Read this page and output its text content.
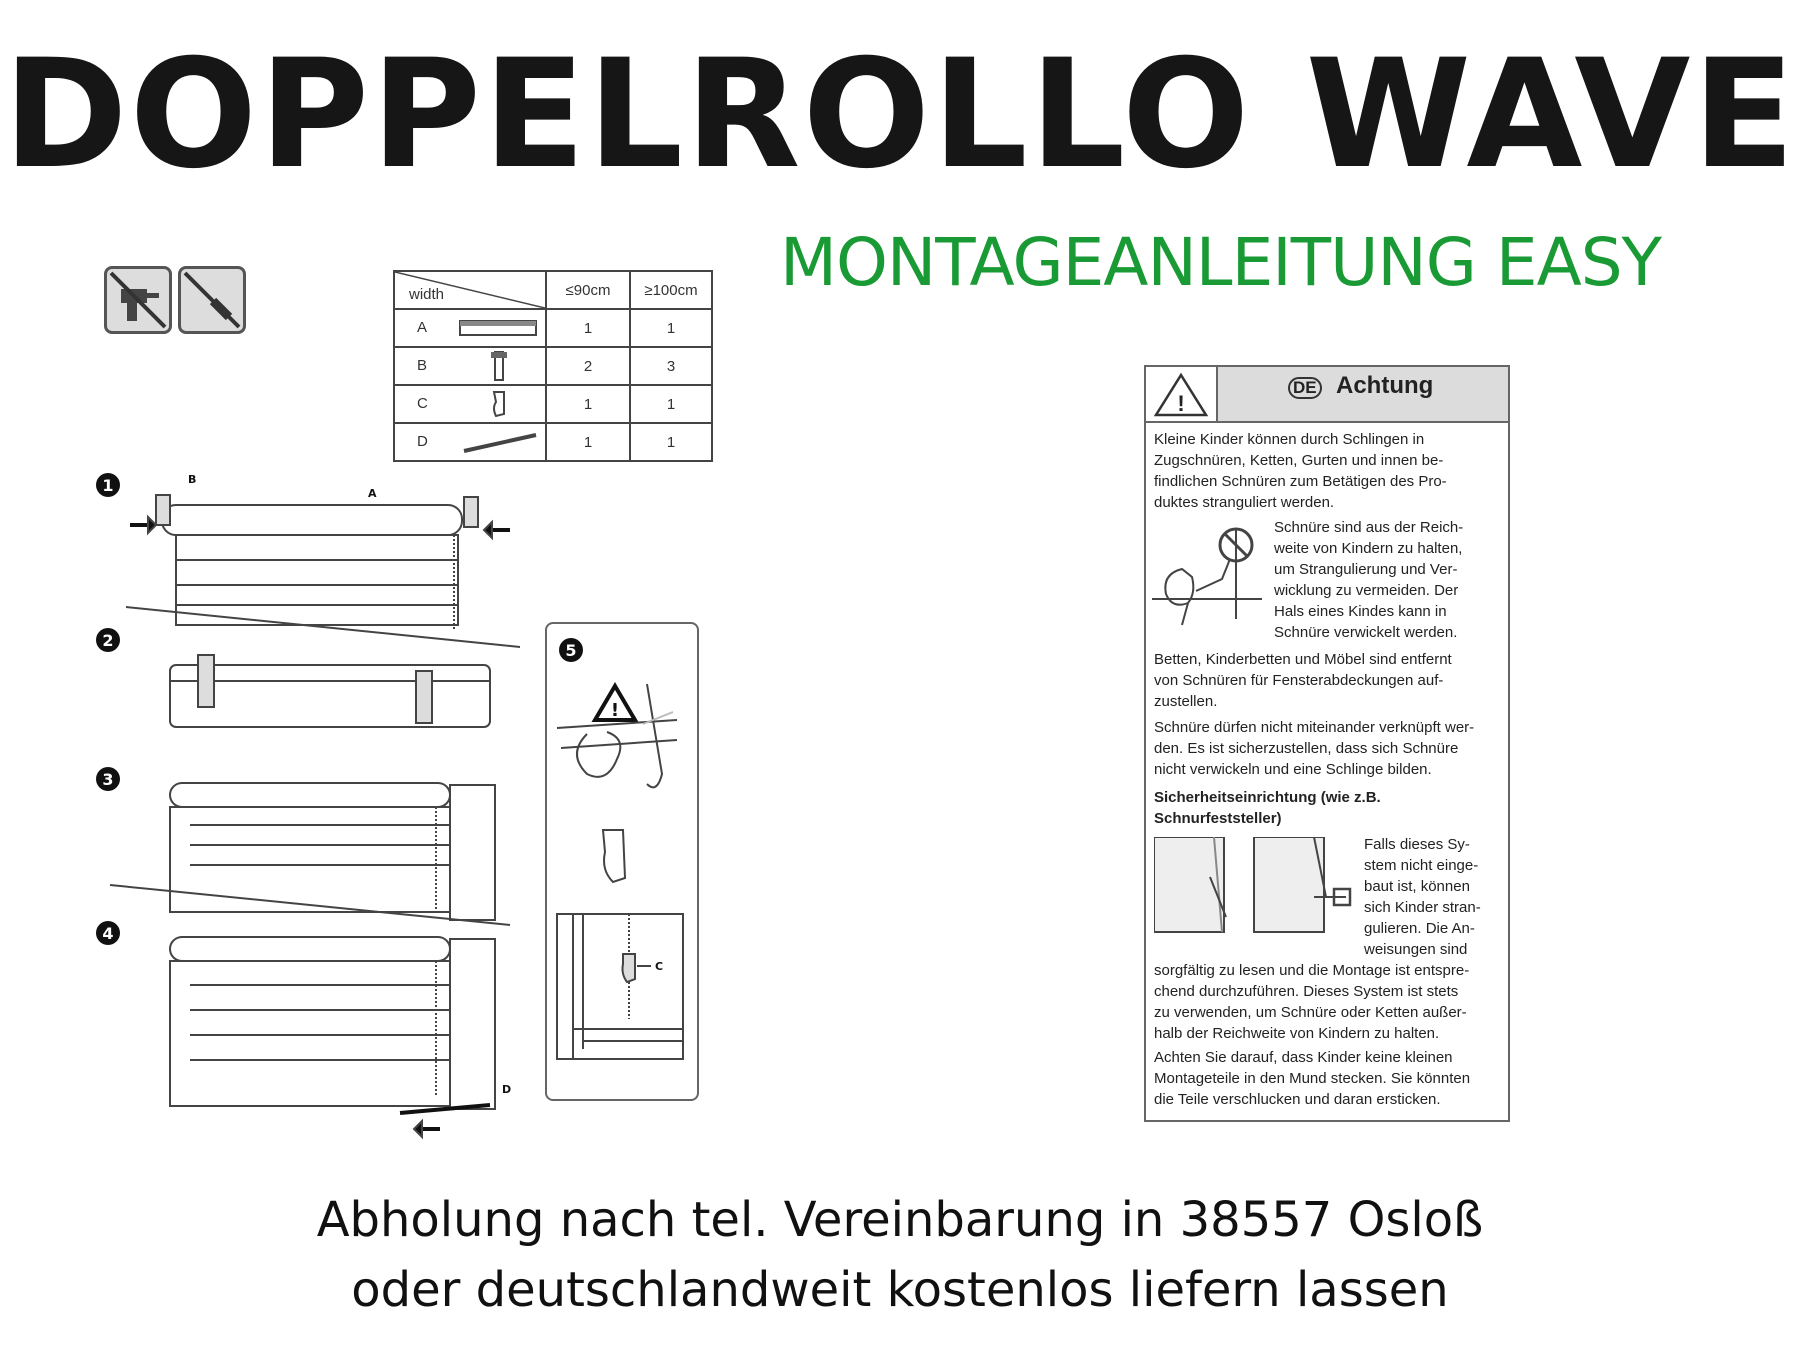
DOPPELROLLO WAVE
MONTAGEANLEITUNG EASY
width	≤90cm	≥100cm
A	1	1
B	2	3
C	1	1
D	1	1
1
2
3
4
B
A
D
5
!
C
!
DE Achtung
Kleine Kinder können durch Schlingen in
Zugschnüren, Ketten, Gurten und innen be-
findlichen Schnüren zum Betätigen des Pro-
duktes stranguliert werden.
Schnüre sind aus der Reich-
weite von Kindern zu halten,
um Strangulierung und Ver-
wicklung zu vermeiden. Der
Hals eines Kindes kann in
Schnüre verwickelt werden.
Betten, Kinderbetten und Möbel sind entfernt
von Schnüren für Fensterabdeckungen auf-
zustellen.
Schnüre dürfen nicht miteinander verknüpft wer-
den. Es ist sicherzustellen, dass sich Schnüre
nicht verwickeln und eine Schlinge bilden.
Sicherheitseinrichtung (wie z.B.
Schnurfeststeller)
Falls dieses Sy-
stem nicht einge-
baut ist, können
sich Kinder stran-
gulieren. Die An-
weisungen sind
sorgfältig zu lesen und die Montage ist entspre-
chend durchzuführen. Dieses System ist stets
zu verwenden, um Schnüre oder Ketten außer-
halb der Reichweite von Kindern zu halten.
Achten Sie darauf, dass Kinder keine kleinen
Montageteile in den Mund stecken. Sie könnten
die Teile verschlucken und daran ersticken.
Abholung nach tel. Vereinbarung in 38557 Osloß
oder deutschlandweit kostenlos liefern lassen
